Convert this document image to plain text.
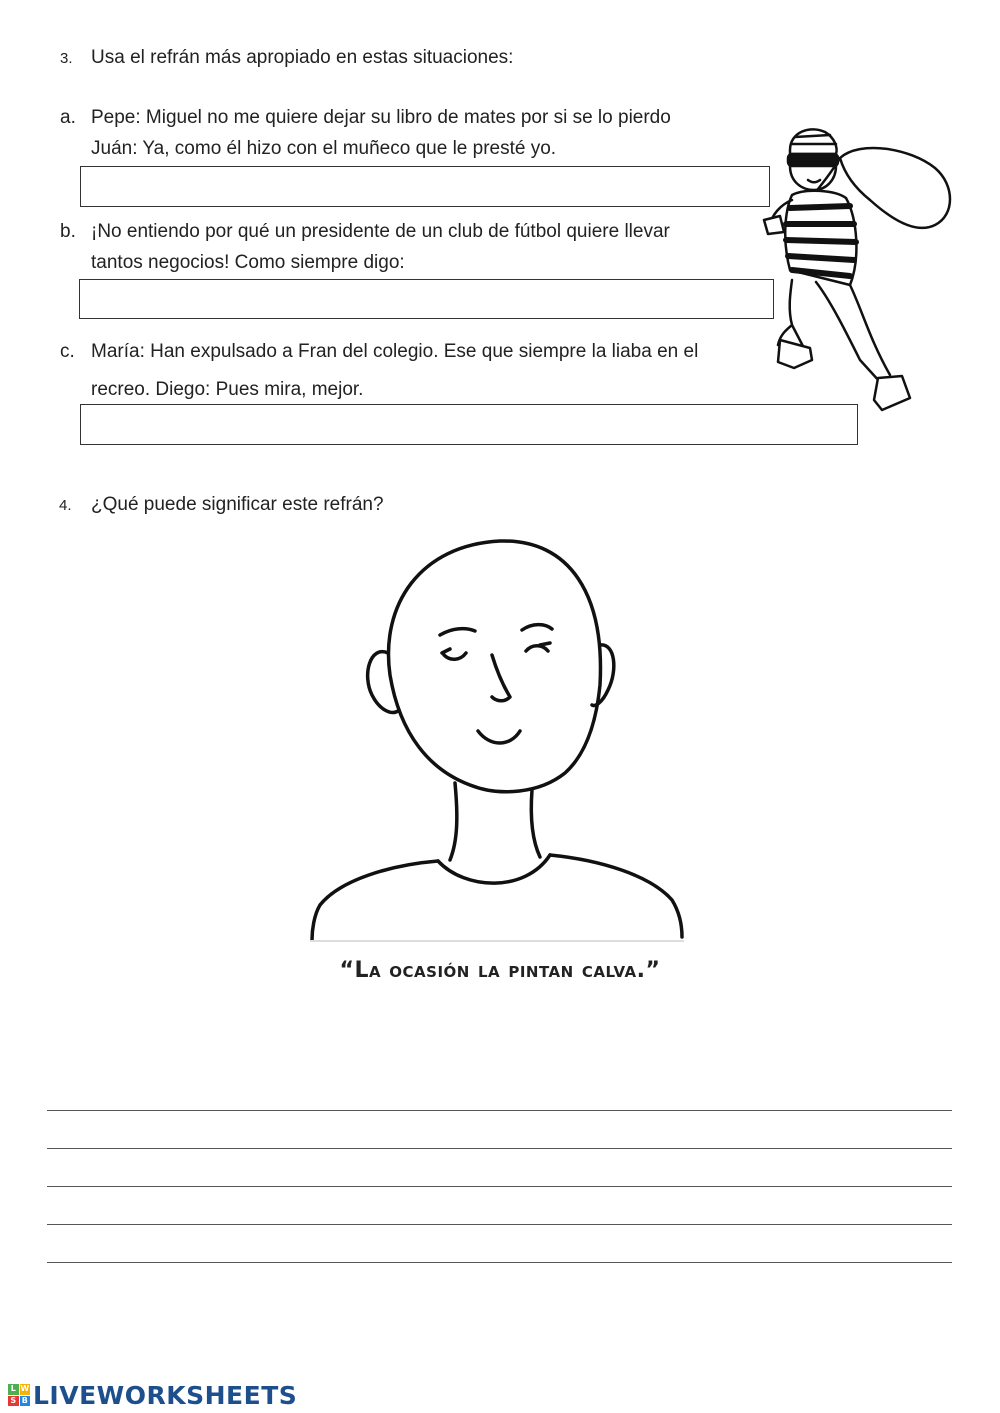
3. Usa el refrán más apropiado en estas situaciones:
a. Pepe: Miguel no me quiere dejar su libro de mates por si se lo pierdo
Juán: Ya, como él hizo con el muñeco que le presté yo.
b. ¡No entiendo por qué un presidente de un club de fútbol quiere llevar
tantos negocios! Como siempre digo:
c. María: Han expulsado a Fran del colegio. Ese que siempre la liaba en el
recreo. Diego: Pues mira, mejor.
4. ¿Qué puede significar este refrán?
“La ocasión la pintan calva.”
L W
S B LIVEWORKSHEETS
